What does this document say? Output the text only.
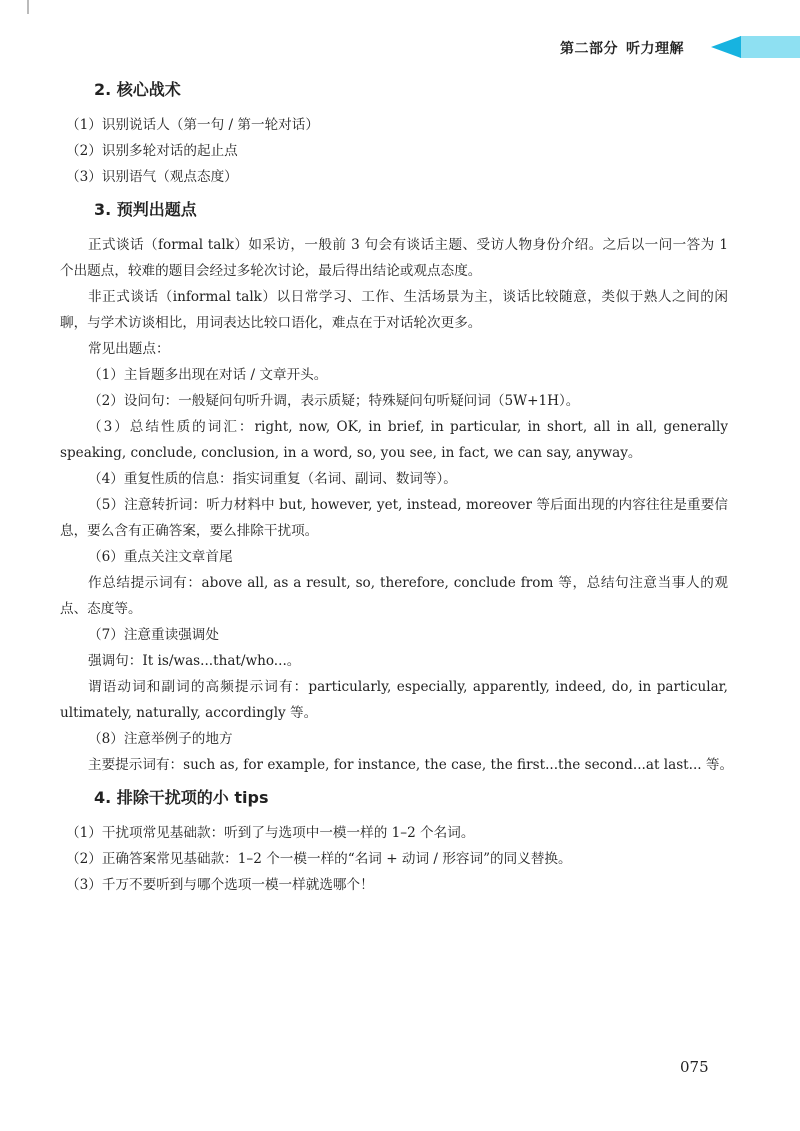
第二部分 听力理解
2. 核心战术
（1）识别说话人（第一句 / 第一轮对话）
（2）识别多轮对话的起止点
（3）识别语气（观点态度）
3. 预判出题点
正式谈话（formal talk）如采访，一般前 3 句会有谈话主题、受访人物身份介绍。之后以一问一答为 1 个出题点，较难的题目会经过多轮次讨论，最后得出结论或观点态度。
非正式谈话（informal talk）以日常学习、工作、生活场景为主，谈话比较随意，类似于熟人之间的闲聊，与学术访谈相比，用词表达比较口语化，难点在于对话轮次更多。
常见出题点：
（1）主旨题多出现在对话 / 文章开头。
（2）设问句：一般疑问句听升调，表示质疑；特殊疑问句听疑问词（5W+1H）。
（3）总结性质的词汇：right, now, OK, in brief, in particular, in short, all in all, generally speaking, conclude, conclusion, in a word, so, you see, in fact, we can say, anyway。
（4）重复性质的信息：指实词重复（名词、副词、数词等）。
（5）注意转折词：听力材料中 but, however, yet, instead, moreover 等后面出现的内容往往是重要信息，要么含有正确答案，要么排除干扰项。
（6）重点关注文章首尾
作总结提示词有：above all, as a result, so, therefore, conclude from 等，总结句注意当事人的观点、态度等。
（7）注意重读强调处
强调句：It is/was...that/who...。
谓语动词和副词的高频提示词有：particularly, especially, apparently, indeed, do, in particular, ultimately, naturally, accordingly 等。
（8）注意举例子的地方
主要提示词有：such as, for example, for instance, the case, the first...the second...at last... 等。
4. 排除干扰项的小 tips
（1）干扰项常见基础款：听到了与选项中一模一样的 1–2 个名词。
（2）正确答案常见基础款：1–2 个一模一样的“名词 + 动词 / 形容词”的同义替换。
（3）千万不要听到与哪个选项一模一样就选哪个！
075
